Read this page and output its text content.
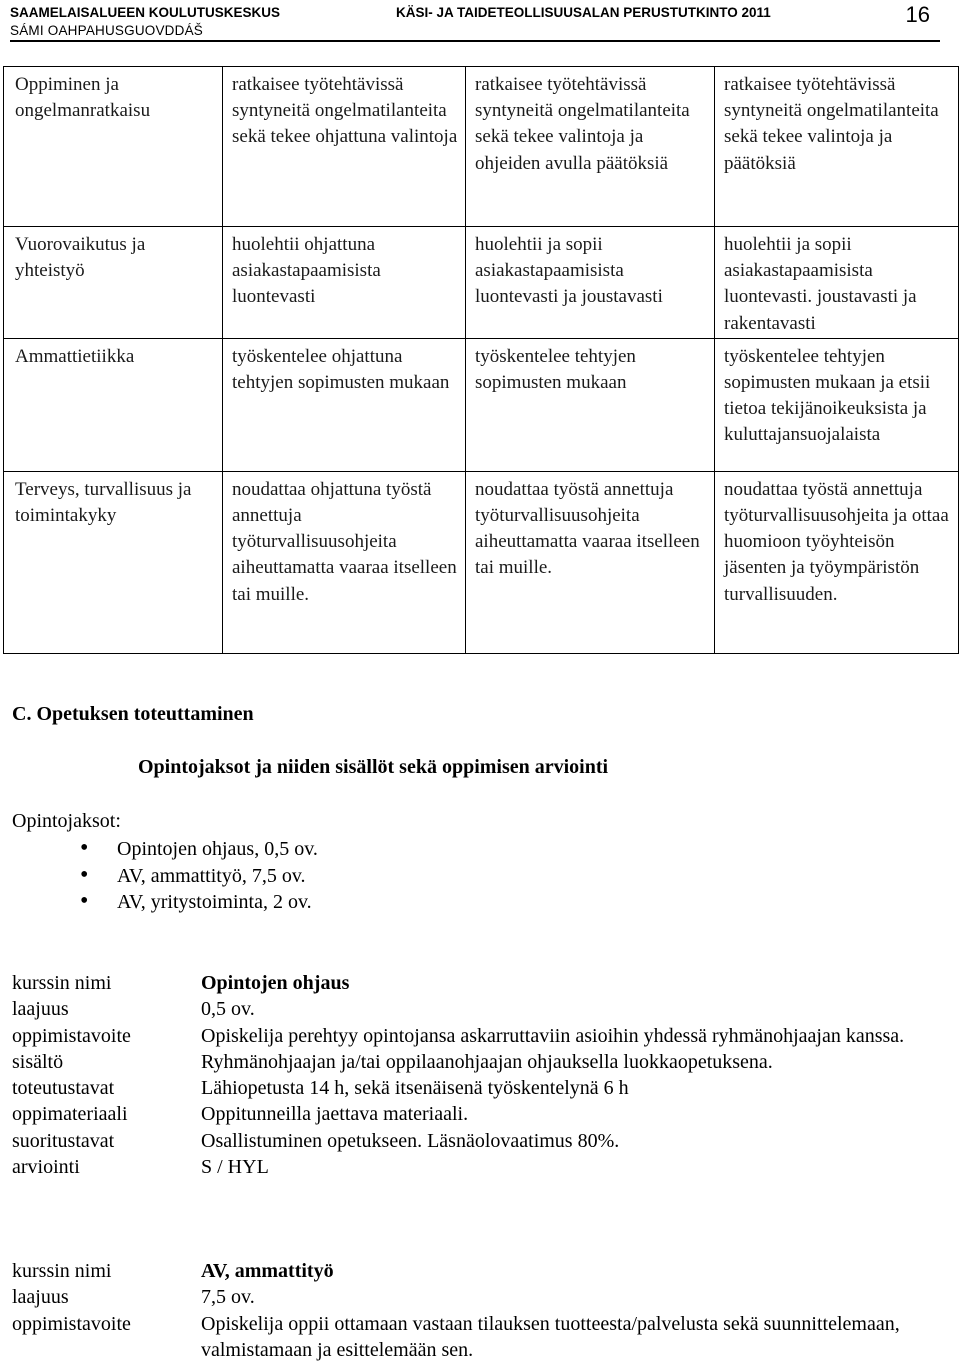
SAAMELAISALUEEN KOULUTUSKESKUS
SÁMI OAHPAHUSGUOVDDÁŠ
KÄSI- JA TAIDETEOLLISUUSALAN PERUSTUTKINTO 2011	16
Oppiminen ja ongelmanratkaisu	ratkaisee työtehtävissä syntyneitä ongelmatilanteita sekä tekee ohjattuna valintoja	ratkaisee työtehtävissä syntyneitä ongelmatilanteita sekä tekee valintoja ja ohjeiden avulla päätöksiä	ratkaisee työtehtävissä syntyneitä ongelmatilanteita sekä tekee valintoja ja päätöksiä
Vuorovaikutus ja yhteistyö	huolehtii ohjattuna asiakastapaamisista luontevasti	huolehtii ja sopii asiakastapaamisista luontevasti ja joustavasti	huolehtii ja sopii asiakastapaamisista luontevasti. joustavasti ja rakentavasti
Ammattietiikka	työskentelee ohjattuna tehtyjen sopimusten mukaan	työskentelee tehtyjen sopimusten mukaan	työskentelee tehtyjen sopimusten mukaan ja etsii tietoa tekijänoikeuksista ja kuluttajansuojalaista
Terveys, turvallisuus ja toimintakyky	noudattaa ohjattuna työstä annettuja työturvallisuusohjeita aiheuttamatta vaaraa itselleen tai muille.	noudattaa työstä annettuja työturvallisuusohjeita aiheuttamatta vaaraa itselleen tai muille.	noudattaa työstä annettuja työturvallisuusohjeita ja ottaa huomioon työyhteisön jäsenten ja työympäristön turvallisuuden.
C. Opetuksen toteuttaminen
Opintojaksot ja niiden sisällöt sekä oppimisen arviointi
Opintojaksot:
• Opintojen ohjaus, 0,5 ov.
• AV, ammattityö, 7,5 ov.
• AV, yritystoiminta, 2 ov.
kurssin nimi	Opintojen ohjaus
laajuus	0,5 ov.
oppimistavoite	Opiskelija perehtyy opintojansa askarruttaviin asioihin yhdessä ryhmänohjaajan kanssa.
sisältö	Ryhmänohjaajan ja/tai oppilaanohjaajan ohjauksella luokkaopetuksena.
toteutustavat	Lähiopetusta 14 h, sekä itsenäisenä työskentelynä 6 h
oppimateriaali	Oppitunneilla jaettava materiaali.
suoritustavat	Osallistuminen opetukseen. Läsnäolovaatimus 80%.
arviointi	S / HYL
kurssin nimi	AV, ammattityö
laajuus	7,5 ov.
oppimistavoite	Opiskelija oppii ottamaan vastaan tilauksen tuotteesta/palvelusta sekä suunnittelemaan, valmistamaan ja esittelemään sen.
